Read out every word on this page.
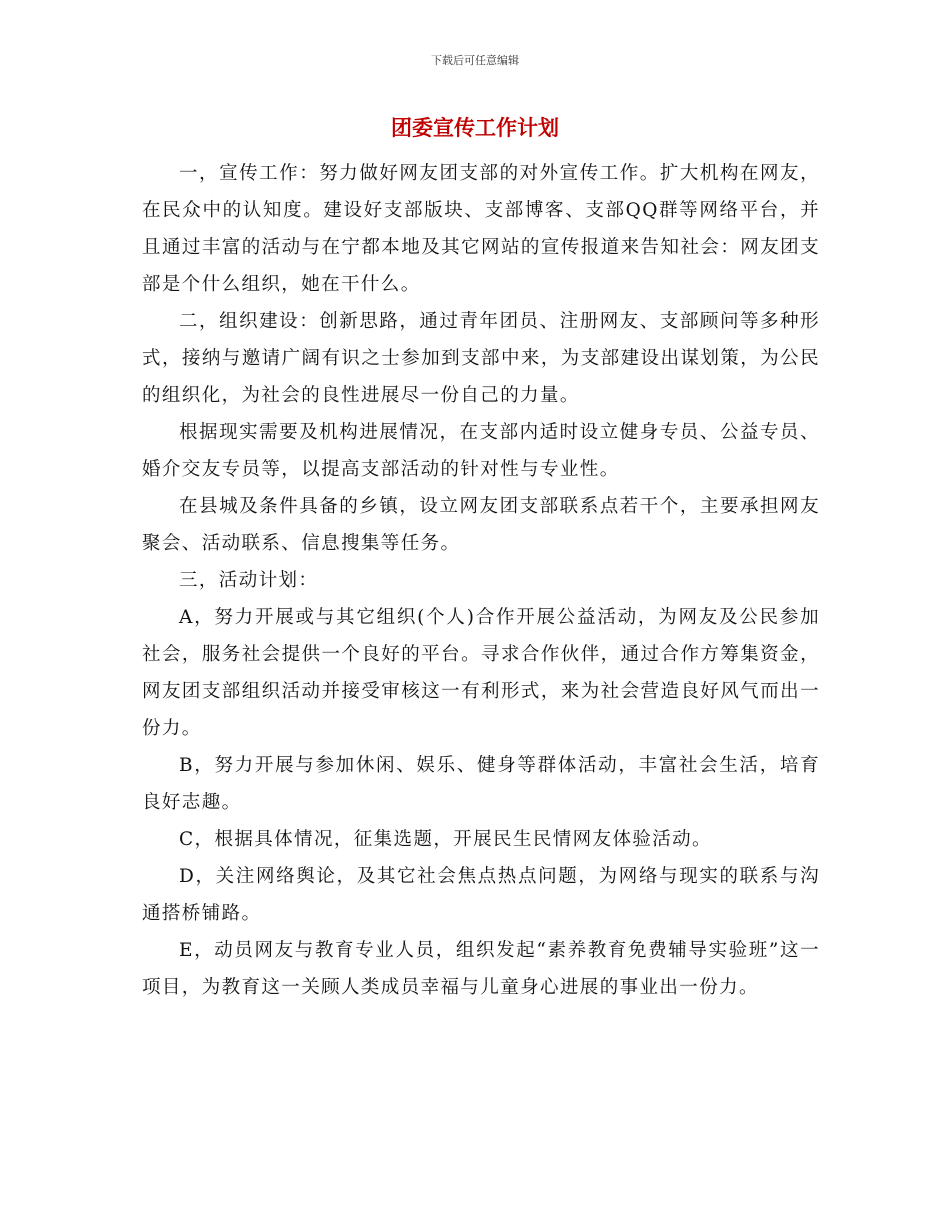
下载后可任意编辑
团委宣传工作计划

一，宣传工作：努力做好网友团支部的对外宣传工作。扩大机构在网友，在民众中的认知度。建设好支部版块、支部博客、支部QQ群等网络平台，并且通过丰富的活动与在宁都本地及其它网站的宣传报道来告知社会：网友团支部是个什么组织，她在干什么。

二，组织建设：创新思路，通过青年团员、注册网友、支部顾问等多种形式，接纳与邀请广阔有识之士参加到支部中来，为支部建设出谋划策，为公民的组织化，为社会的良性进展尽一份自己的力量。

根据现实需要及机构进展情况，在支部内适时设立健身专员、公益专员、婚介交友专员等，以提高支部活动的针对性与专业性。

在县城及条件具备的乡镇，设立网友团支部联系点若干个，主要承担网友聚会、活动联系、信息搜集等任务。

三，活动计划：

A，努力开展或与其它组织(个人)合作开展公益活动，为网友及公民参加社会，服务社会提供一个良好的平台。寻求合作伙伴，通过合作方筹集资金，网友团支部组织活动并接受审核这一有利形式，来为社会营造良好风气而出一份力。

B，努力开展与参加休闲、娱乐、健身等群体活动，丰富社会生活，培育良好志趣。

C，根据具体情况，征集选题，开展民生民情网友体验活动。

D，关注网络舆论，及其它社会焦点热点问题，为网络与现实的联系与沟通搭桥铺路。

E，动员网友与教育专业人员，组织发起“素养教育免费辅导实验班”这一项目，为教育这一关顾人类成员幸福与儿童身心进展的事业出一份力。
